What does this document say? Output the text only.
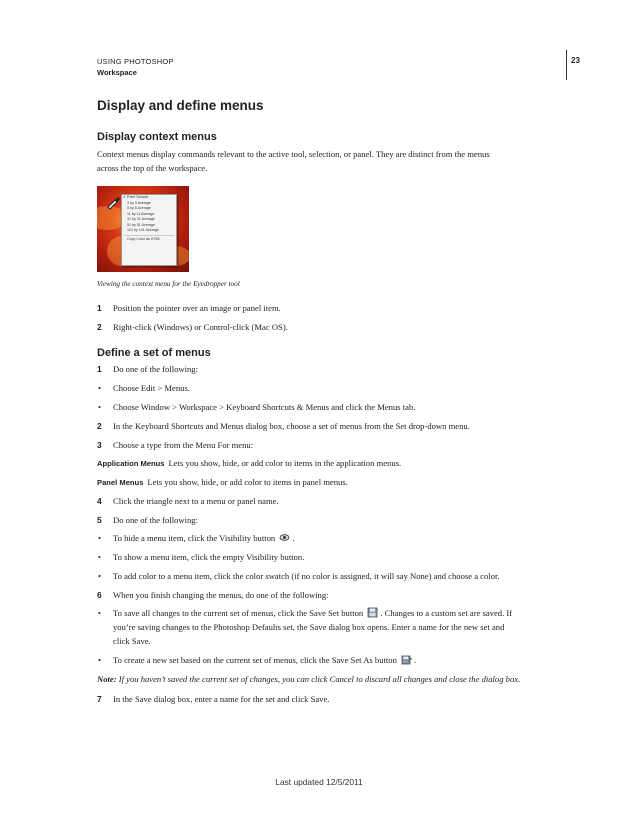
USING PHOTOSHOP
Workspace
23
Display and define menus
Display context menus
Context menus display commands relevant to the active tool, selection, or panel. They are distinct from the menus
across the top of the workspace.
✔ Point Sample
3 by 3 Average
5 by 5 Average
11 by 11 Average
31 by 31 Average
51 by 51 Average
101 by 101 Average
Copy Color as HTML
Viewing the context menu for the Eyedropper tool
1 Position the pointer over an image or panel item.
2 Right-click (Windows) or Control-click (Mac OS).
Define a set of menus
1 Do one of the following:
• Choose Edit > Menus.
• Choose Window > Workspace > Keyboard Shortcuts & Menus and click the Menus tab.
2 In the Keyboard Shortcuts and Menus dialog box, choose a set of menus from the Set drop-down menu.
3 Choose a type from the Menu For menu:
Application Menus Lets you show, hide, or add color to items in the application menus.
Panel Menus Lets you show, hide, or add color to items in panel menus.
4 Click the triangle next to a menu or panel name.
5 Do one of the following:
• To hide a menu item, click the Visibility button .
• To show a menu item, click the empty Visibility button.
• To add color to a menu item, click the color swatch (if no color is assigned, it will say None) and choose a color.
6 When you finish changing the menus, do one of the following:
• To save all changes to the current set of menus, click the Save Set button . Changes to a custom set are saved. If
you’re saving changes to the Photoshop Defaults set, the Save dialog box opens. Enter a name for the new set and
click Save.
• To create a new set based on the current set of menus, click the Save Set As button .
Note: If you haven’t saved the current set of changes, you can click Cancel to discard all changes and close the dialog box.
7 In the Save dialog box, enter a name for the set and click Save.
Last updated 12/5/2011
